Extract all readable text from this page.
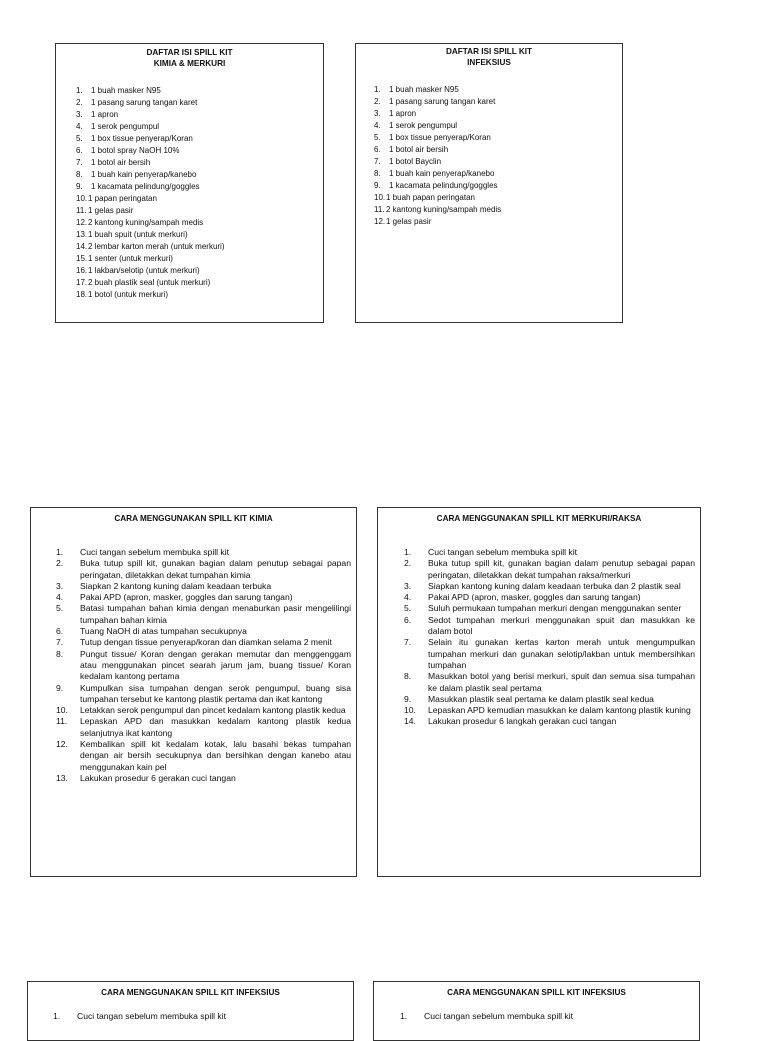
DAFTAR ISI SPILL KIT
KIMIA & MERKURI
1.	1 buah masker N95
2.	1 pasang sarung tangan karet
3.	1 apron
4.	1 serok pengumpul
5.	1 box tissue penyerap/Koran
6.	1 botol spray NaOH 10%
7.	1 botol air bersih
8.	1 buah kain penyerap/kanebo
9.	1 kacamata pelindung/goggles
10. 1 papan peringatan
11. 1 gelas pasir
12. 2 kantong kuning/sampah medis
13. 1 buah spuit (untuk merkuri)
14. 2 lembar karton merah (untuk merkuri)
15. 1 senter (untuk merkuri)
16. 1 lakban/selotip (untuk merkuri)
17. 2 buah plastik seal (untuk merkuri)
18. 1 botol (untuk merkuri)
DAFTAR ISI SPILL KIT
INFEKSIUS
1.	1 buah masker N95
2.	1 pasang sarung tangan karet
3.	1 apron
4.	1 serok pengumpul
5.	1 box tissue penyerap/Koran
6.	1 botol air bersih
7.	1 botol Bayclin
8.	1 buah kain penyerap/kanebo
9.	1 kacamata pelindung/goggles
10. 1 buah papan peringatan
11. 2 kantong kuning/sampah medis
12. 1 gelas pasir
CARA MENGGUNAKAN SPILL KIT KIMIA
1.	Cuci tangan sebelum membuka spill kit
2.	Buka tutup spill kit, gunakan bagian dalam penutup sebagai papan peringatan, diletakkan dekat tumpahan kimia
3.	Siapkan 2 kantong kuning dalam keadaan terbuka
4.	Pakai APD (apron, masker, goggles dan sarung tangan)
5.	Batasi tumpahan bahan kimia dengan menaburkan pasir mengelilingi tumpahan bahan kimia
6.	Tuang NaOH di atas tumpahan secukupnya
7.	Tutup dengan tissue penyerap/koran dan diamkan selama 2 menit
8.	Pungut tissue/ Koran dengan gerakan memutar dan menggenggam atau menggunakan pincet searah jarum jam, buang tissue/ Koran kedalam kantong pertama
9.	Kumpulkan sisa tumpahan dengan serok pengumpul, buang sisa tumpahan tersebut ke kantong plastik pertama dan ikat kantong
10.	Letakkan serok pengumpul dan pincet kedalam kantong plastik kedua
11.	Lepaskan APD dan masukkan kedalam kantong plastik kedua selanjutnya ikat kantong
12.	Kembalikan spill kit kedalam kotak, lalu basahi bekas tumpahan dengan air bersih secukupnya dan bersihkan dengan kanebo atau menggunakan kain pel
13.	Lakukan prosedur 6 gerakan cuci tangan
CARA MENGGUNAKAN SPILL KIT MERKURI/RAKSA
1.	Cuci tangan sebelum membuka spill kit
2.	Buka tutup spill kit, gunakan bagian dalam penutup sebagai papan peringatan, diletakkan dekat tumpahan raksa/merkuri
3.	Siapkan kantong kuning dalam keadaan terbuka dan 2 plastik seal
4.	Pakai APD (apron, masker, goggles dan sarung tangan)
5.	Suluh permukaan tumpahan merkuri dengan menggunakan senter
6.	Sedot tumpahan merkuri menggunakan spuit dan masukkan ke dalam botol
7.	Selain itu gunakan kertas karton merah untuk mengumpulkan tumpahan merkuri dan gunakan selotip/lakban untuk membersihkan tumpahan
8.	Masukkan botol yang berisi merkuri, spuit dan semua sisa tumpahan ke dalam plastik seal pertama
9.	Masukkan plastik seal pertama ke dalam plastik seal kedua
10.	Lepaskan APD kemudian masukkan ke dalam kantong plastik kuning
14.	Lakukan prosedur 6 langkah gerakan cuci tangan
CARA MENGGUNAKAN SPILL KIT INFEKSIUS
1.	Cuci tangan sebelum membuka spill kit
CARA MENGGUNAKAN SPILL KIT INFEKSIUS
1.	Cuci tangan sebelum membuka spill kit
